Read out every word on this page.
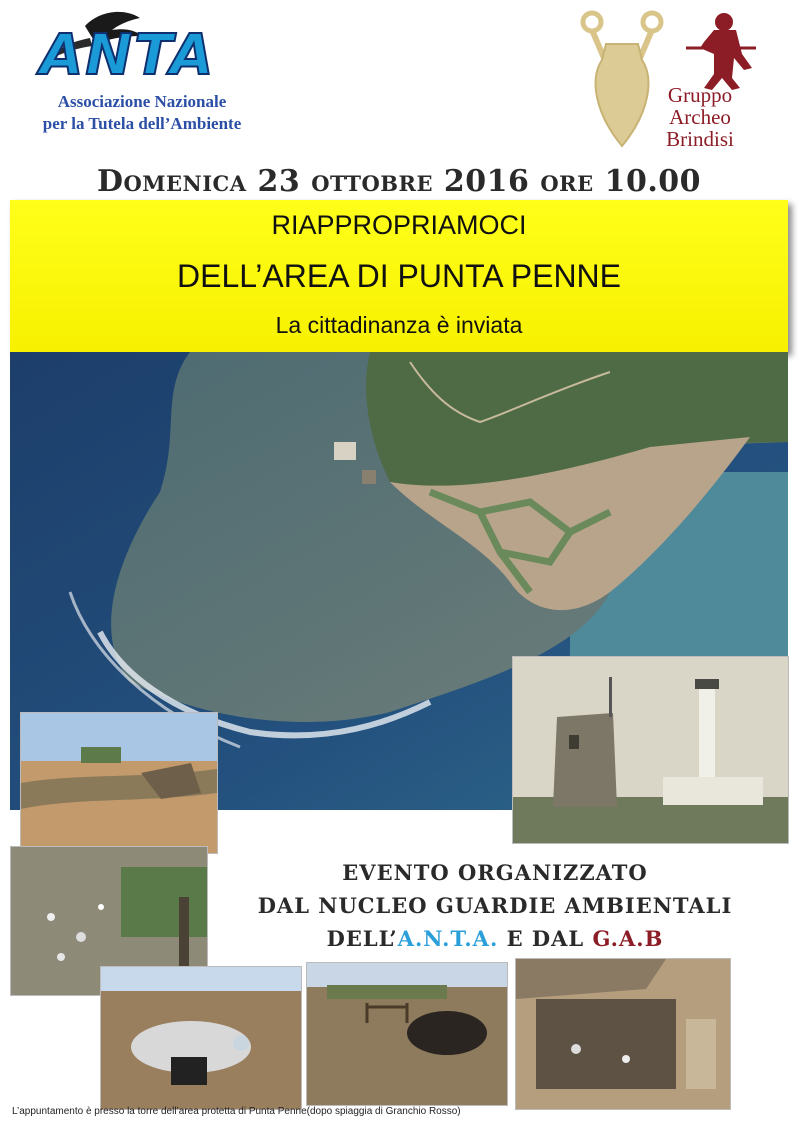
ANTA
Associazione Nazionale
per la Tutela dell’Ambiente
Gruppo
Archeo
Brindisi
Domenica 23 ottobre 2016 ore 10.00
RIAPPROPRIAMOCI
DELL’AREA DI PUNTA PENNE
La cittadinanza è inviata
EVENTO ORGANIZZATO
DAL NUCLEO GUARDIE AMBIENTALI
DELL’A.N.T.A. E DAL G.A.B
L’appuntamento è presso la torre dell’area protetta di Punta Penne(dopo spiaggia di Granchio Rosso)
